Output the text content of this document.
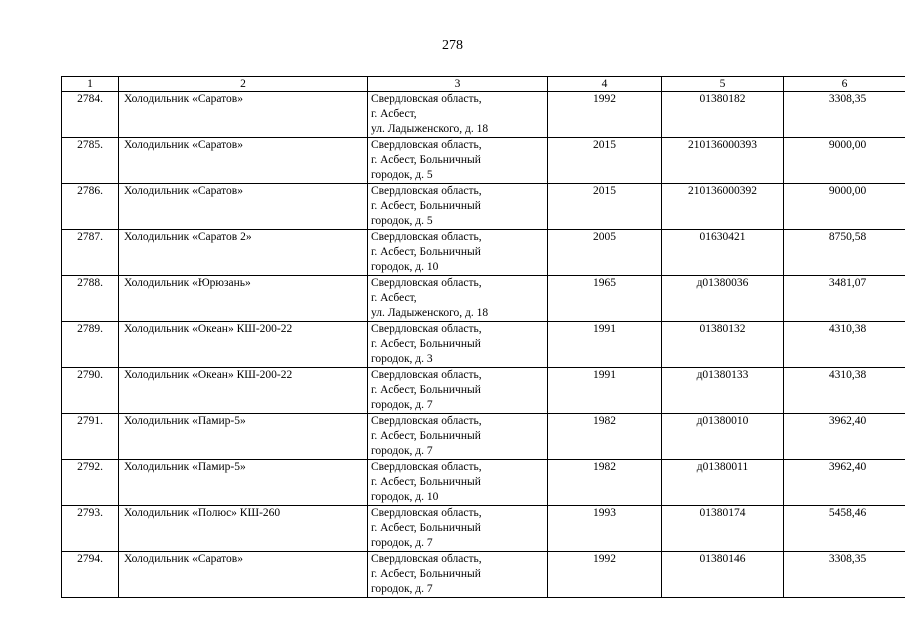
278
1	2	3	4	5	6
2784.	Холодильник «Саратов»	Свердловская область,
г. Асбест,
ул. Ладыженского, д. 18	1992	01380182	3308,35
2785.	Холодильник «Саратов»	Свердловская область,
г. Асбест, Больничный
городок, д. 5	2015	210136000393	9000,00
2786.	Холодильник «Саратов»	Свердловская область,
г. Асбест, Больничный
городок, д. 5	2015	210136000392	9000,00
2787.	Холодильник «Саратов 2»	Свердловская область,
г. Асбест, Больничный
городок, д. 10	2005	01630421	8750,58
2788.	Холодильник «Юрюзань»	Свердловская область,
г. Асбест,
ул. Ладыженского, д. 18	1965	д01380036	3481,07
2789.	Холодильник «Океан» КШ-200-22	Свердловская область,
г. Асбест, Больничный
городок, д. 3	1991	01380132	4310,38
2790.	Холодильник «Океан» КШ-200-22	Свердловская область,
г. Асбест, Больничный
городок, д. 7	1991	д01380133	4310,38
2791.	Холодильник «Памир-5»	Свердловская область,
г. Асбест, Больничный
городок, д. 7	1982	д01380010	3962,40
2792.	Холодильник «Памир-5»	Свердловская область,
г. Асбест, Больничный
городок, д. 10	1982	д01380011	3962,40
2793.	Холодильник «Полюс» КШ-260	Свердловская область,
г. Асбест, Больничный
городок, д. 7	1993	01380174	5458,46
2794.	Холодильник «Саратов»	Свердловская область,
г. Асбест, Больничный
городок, д. 7	1992	01380146	3308,35
